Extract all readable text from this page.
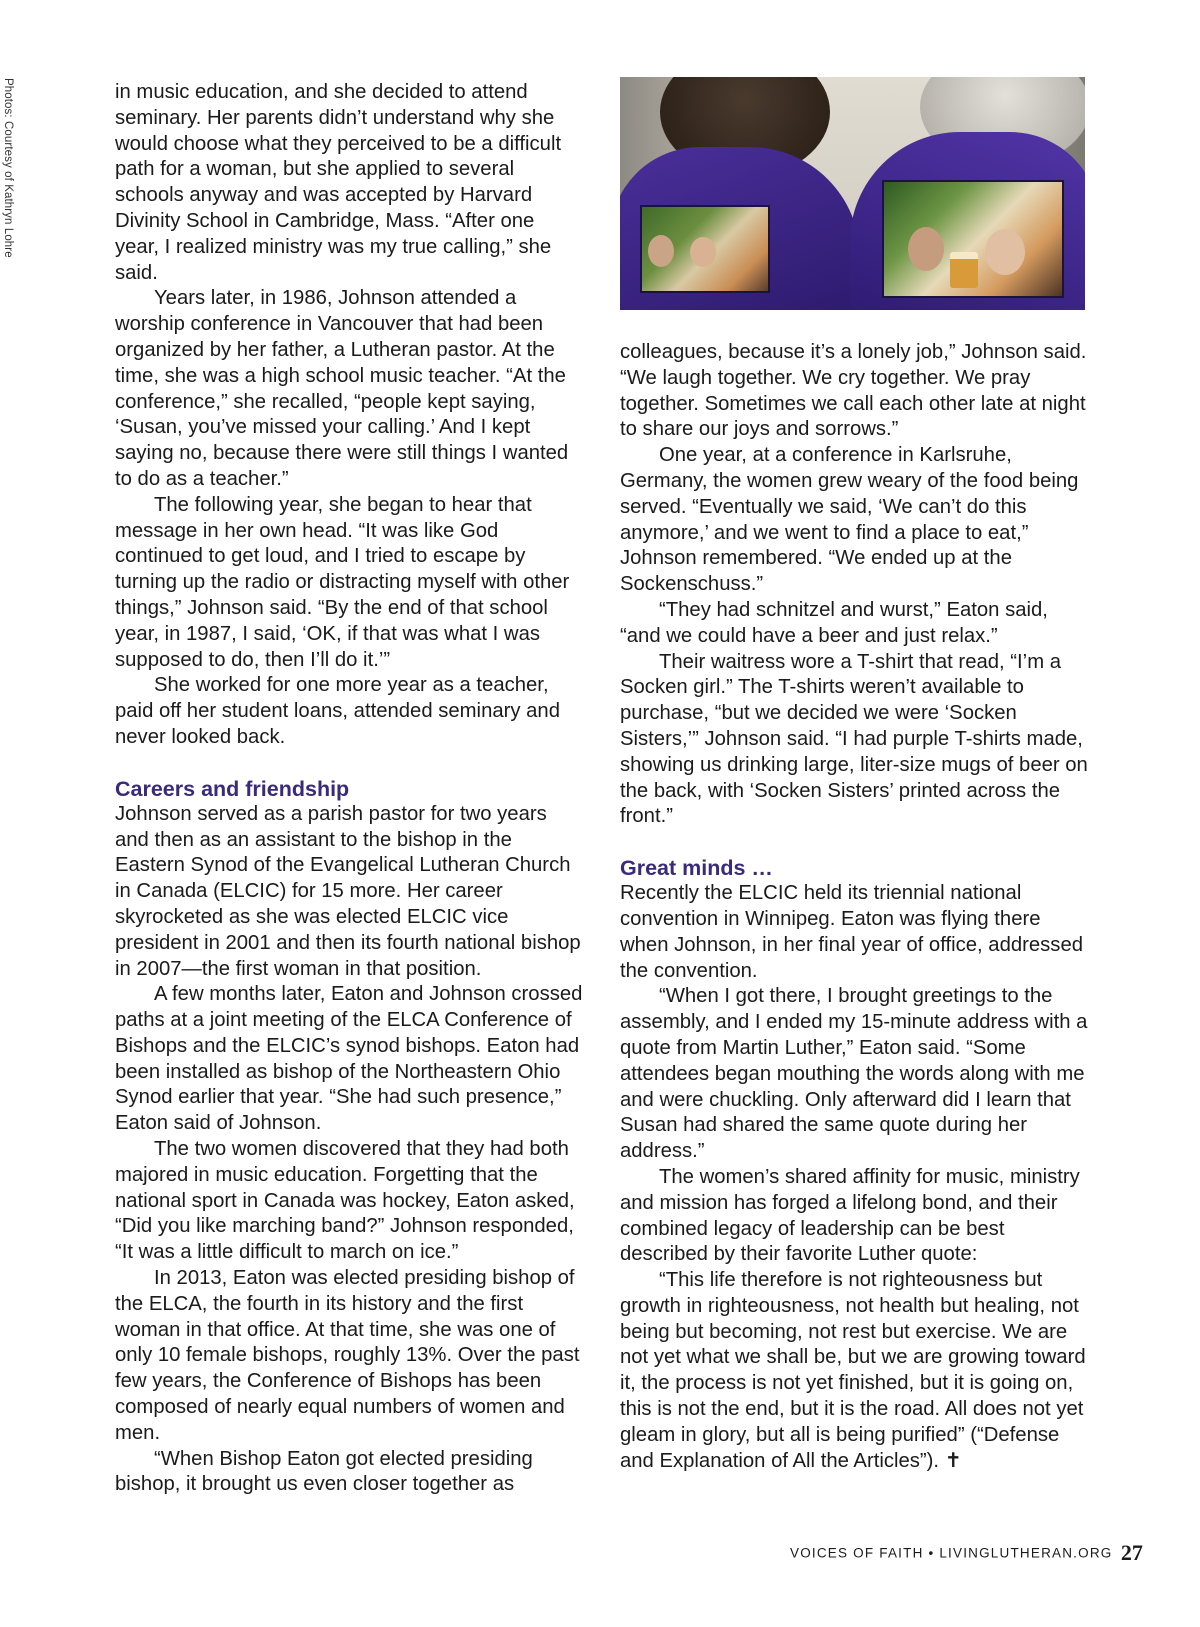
Photos: Courtesy of Kathryn Lohre	in music education, and she decided to attend seminary. Her parents didn’t understand why she would choose what they perceived to be a difficult path for a woman, but she applied to several schools anyway and was accepted by Harvard Divinity School in Cambridge, Mass. “After one year, I realized ministry was my true calling,” she said.

Years later, in 1986, Johnson attended a worship conference in Vancouver that had been organized by her father, a Lutheran pastor. At the time, she was a high school music teacher. “At the conference,” she recalled, “people kept saying, ‘Susan, you’ve missed your calling.’ And I kept saying no, because there were still things I wanted to do as a teacher.”

The following year, she began to hear that message in her own head. “It was like God continued to get loud, and I tried to escape by turning up the radio or distracting myself with other things,” Johnson said. “By the end of that school year, in 1987, I said, ‘OK, if that was what I was supposed to do, then I’ll do it.’”

She worked for one more year as a teacher, paid off her student loans, attended seminary and never looked back.

Careers and friendship

Johnson served as a parish pastor for two years and then as an assistant to the bishop in the Eastern Synod of the Evangelical Lutheran Church in Canada (ELCIC) for 15 more. Her career skyrocketed as she was elected ELCIC vice president in 2001 and then its fourth national bishop in 2007—the first woman in that position.

A few months later, Eaton and Johnson crossed paths at a joint meeting of the ELCA Conference of Bishops and the ELCIC’s synod bishops. Eaton had been installed as bishop of the Northeastern Ohio Synod earlier that year. “She had such presence,” Eaton said of Johnson.

The two women discovered that they had both majored in music education. Forgetting that the national sport in Canada was hockey, Eaton asked, “Did you like marching band?” Johnson responded, “It was a little difficult to march on ice.”

In 2013, Eaton was elected presiding bishop of the ELCA, the fourth in its history and the first woman in that office. At that time, she was one of only 10 female bishops, roughly 13%. Over the past few years, the Conference of Bishops has been composed of nearly equal numbers of women and men.

“When Bishop Eaton got elected presiding bishop, it brought us even closer together as

colleagues, because it’s a lonely job,” Johnson said. “We laugh together. We cry together. We pray together. Sometimes we call each other late at night to share our joys and sorrows.”

One year, at a conference in Karlsruhe, Germany, the women grew weary of the food being served. “Eventually we said, ‘We can’t do this anymore,’ and we went to find a place to eat,” Johnson remembered. “We ended up at the Sockenschuss.”

“They had schnitzel and wurst,” Eaton said, “and we could have a beer and just relax.”

Their waitress wore a T-shirt that read, “I’m a Socken girl.” The T-shirts weren’t available to purchase, “but we decided we were ‘Socken Sisters,’” Johnson said. “I had purple T-shirts made, showing us drinking large, liter-size mugs of beer on the back, with ‘Socken Sisters’ printed across the front.”

Great minds …

Recently the ELCIC held its triennial national convention in Winnipeg. Eaton was flying there when Johnson, in her final year of office, addressed the convention.

“When I got there, I brought greetings to the assembly, and I ended my 15-minute address with a quote from Martin Luther,” Eaton said. “Some attendees began mouthing the words along with me and were chuckling. Only afterward did I learn that Susan had shared the same quote during her address.”

The women’s shared affinity for music, ministry and mission has forged a lifelong bond, and their combined legacy of leadership can be best described by their favorite Luther quote:

“This life therefore is not righteousness but growth in righteousness, not health but healing, not being but becoming, not rest but exercise. We are not yet what we shall be, but we are growing toward it, the process is not yet finished, but it is going on, this is not the end, but it is the road. All does not yet gleam in glory, but all is being purified” (“Defense and Explanation of All the Articles”). ✝

VOICES OF FAITH • LIVINGLUTHERAN.ORG 27
